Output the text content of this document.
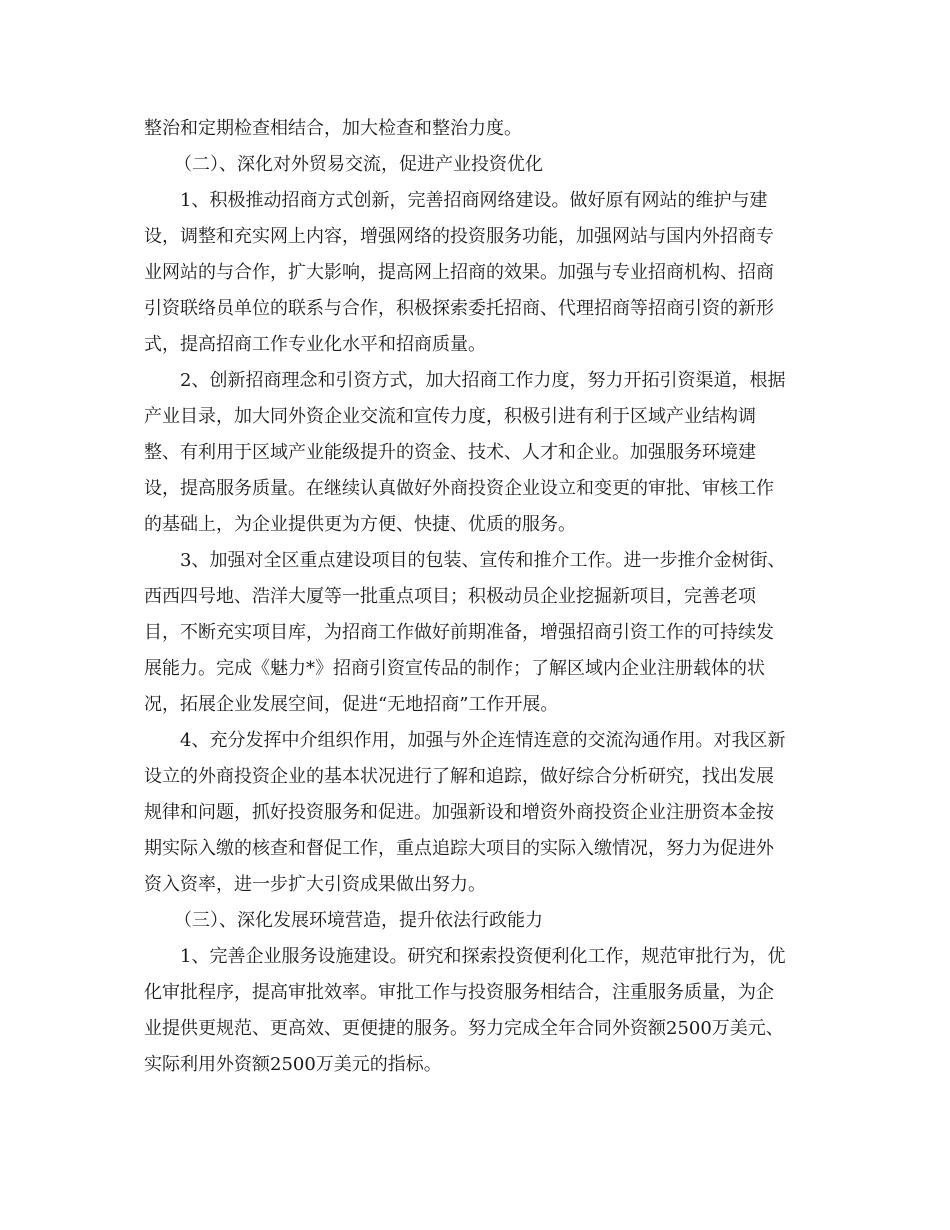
整治和定期检查相结合，加大检查和整治力度。
（二）、深化对外贸易交流，促进产业投资优化
1、积极推动招商方式创新，完善招商网络建设。做好原有网站的维护与建
设，调整和充实网上内容，增强网络的投资服务功能，加强网站与国内外招商专
业网站的与合作，扩大影响，提高网上招商的效果。加强与专业招商机构、招商
引资联络员单位的联系与合作，积极探索委托招商、代理招商等招商引资的新形
式，提高招商工作专业化水平和招商质量。
2、创新招商理念和引资方式，加大招商工作力度，努力开拓引资渠道，根据
产业目录，加大同外资企业交流和宣传力度，积极引进有利于区域产业结构调
整、有利用于区域产业能级提升的资金、技术、人才和企业。加强服务环境建
设，提高服务质量。在继续认真做好外商投资企业设立和变更的审批、审核工作
的基础上，为企业提供更为方便、快捷、优质的服务。
3、加强对全区重点建设项目的包装、宣传和推介工作。进一步推介金树街、
西西四号地、浩洋大厦等一批重点项目；积极动员企业挖掘新项目，完善老项
目，不断充实项目库，为招商工作做好前期准备，增强招商引资工作的可持续发
展能力。完成《魅力*》招商引资宣传品的制作；了解区域内企业注册载体的状
况，拓展企业发展空间，促进“无地招商”工作开展。
4、充分发挥中介组织作用，加强与外企连情连意的交流沟通作用。对我区新
设立的外商投资企业的基本状况进行了解和追踪，做好综合分析研究，找出发展
规律和问题，抓好投资服务和促进。加强新设和增资外商投资企业注册资本金按
期实际入缴的核查和督促工作，重点追踪大项目的实际入缴情况，努力为促进外
资入资率，进一步扩大引资成果做出努力。
（三）、深化发展环境营造，提升依法行政能力
1、完善企业服务设施建设。研究和探索投资便利化工作，规范审批行为，优
化审批程序，提高审批效率。审批工作与投资服务相结合，注重服务质量，为企
业提供更规范、更高效、更便捷的服务。努力完成全年合同外资额2500万美元、
实际利用外资额2500万美元的指标。
